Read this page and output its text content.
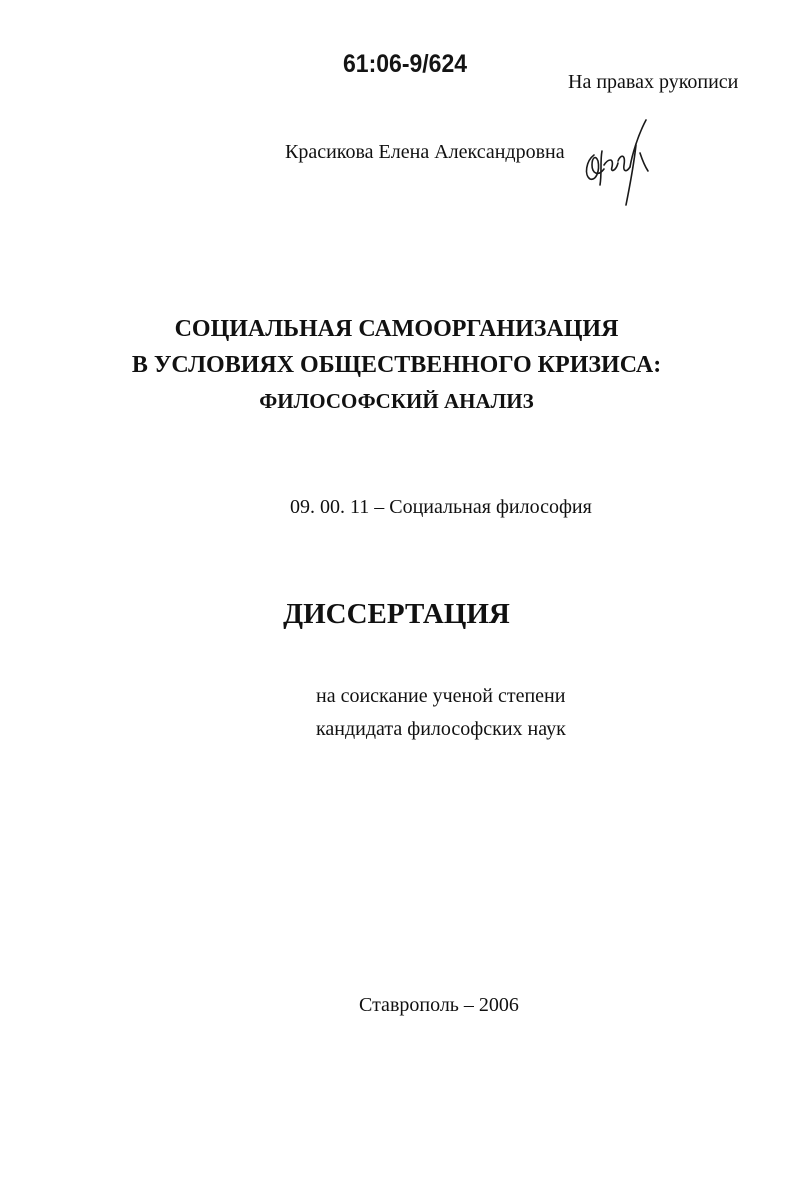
61:06-9/624
На правах рукописи
Красикова Елена Александровна
СОЦИАЛЬНАЯ САМООРГАНИЗАЦИЯ
В УСЛОВИЯХ ОБЩЕСТВЕННОГО КРИЗИСА:
ФИЛОСОФСКИЙ АНАЛИЗ
09. 00. 11 – Социальная философия
ДИССЕРТАЦИЯ
на соискание ученой степени
кандидата философских наук
Ставрополь – 2006
